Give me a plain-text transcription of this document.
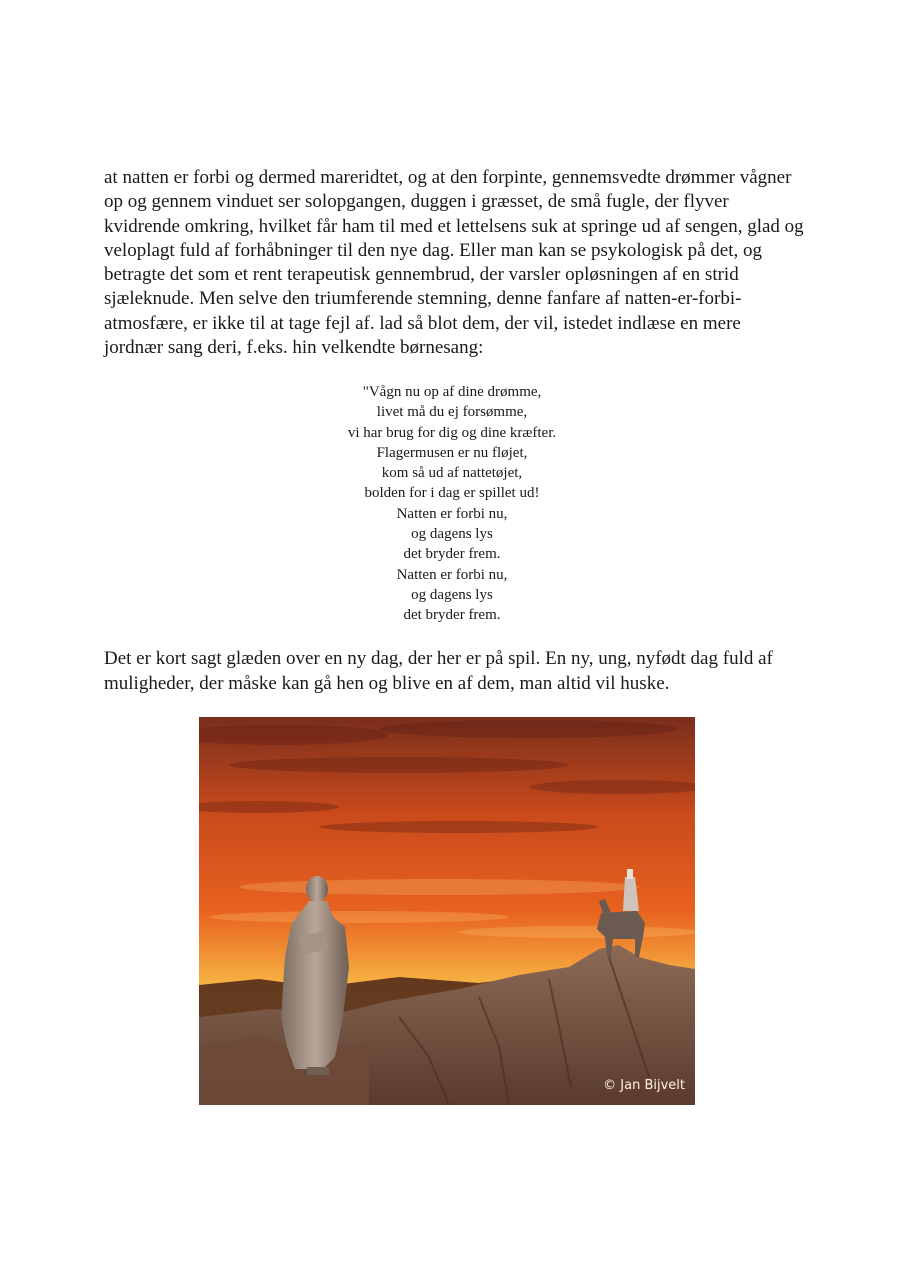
at natten er forbi og dermed mareridtet, og at den forpinte, gennemsvedte drømmer vågner op og gennem vinduet ser solopgangen, duggen i græsset, de små fugle, der flyver kvidrende omkring, hvilket får ham til med et lettelsens suk at springe ud af sengen, glad og veloplagt fuld af forhåbninger til den nye dag. Eller man kan se psykologisk på det, og betragte det som et rent terapeutisk gennembrud, der varsler opløsningen af en strid sjæleknude. Men selve den triumferende stemning, denne fanfare af natten-er-forbi-atmosfære, er ikke til at tage fejl af. lad så blot dem, der vil, istedet indlæse en mere jordnær sang deri, f.eks. hin velkendte børnesang:

"Vågn nu op af dine drømme,
livet må du ej forsømme,
vi har brug for dig og dine kræfter.
Flagermusen er nu fløjet,
kom så ud af nattetøjet,
bolden for i dag er spillet ud!
Natten er forbi nu,
og dagens lys
det bryder frem.
Natten er forbi nu,
og dagens lys
det bryder frem.

Det er kort sagt glæden over en ny dag, der her er på spil. En ny, ung, nyfødt dag fuld af muligheder, der måske kan gå hen og blive en af dem, man altid vil huske.

© Jan Bijvelt
